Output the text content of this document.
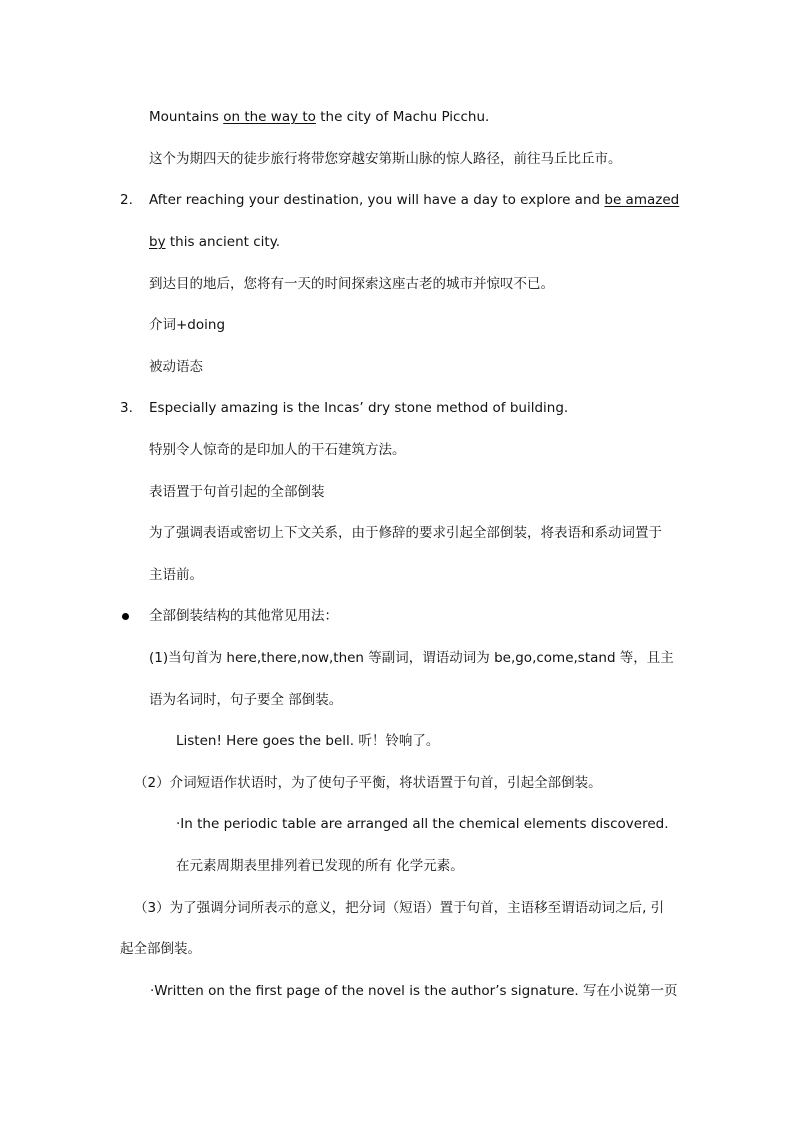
Mountains on the way to the city of Machu Picchu.
这个为期四天的徒步旅行将带您穿越安第斯山脉的惊人路径，前往马丘比丘市。
2. After reaching your destination, you will have a day to explore and be amazed
by this ancient city.
到达目的地后，您将有一天的时间探索这座古老的城市并惊叹不已。
介词+doing
被动语态
3. Especially amazing is the Incas’ dry stone method of building.
特别令人惊奇的是印加人的干石建筑方法。
表语置于句首引起的全部倒装
为了强调表语或密切上下文关系，由于修辞的要求引起全部倒装，将表语和系动词置于
主语前。
全部倒装结构的其他常见用法：
(1)当句首为 here,there,now,then 等副词，谓语动词为 be,go,come,stand 等，且主
语为名词时，句子要全 部倒装。
Listen! Here goes the bell. 听！铃响了。
（2）介词短语作状语时，为了使句子平衡，将状语置于句首，引起全部倒装。
·In the periodic table are arranged all the chemical elements discovered.
在元素周期表里排列着已发现的所有 化学元素。
（3）为了强调分词所表示的意义，把分词（短语）置于句首，主语移至谓语动词之后, 引
起全部倒装。
·Written on the first page of the novel is the author’s signature. 写在小说第一页
